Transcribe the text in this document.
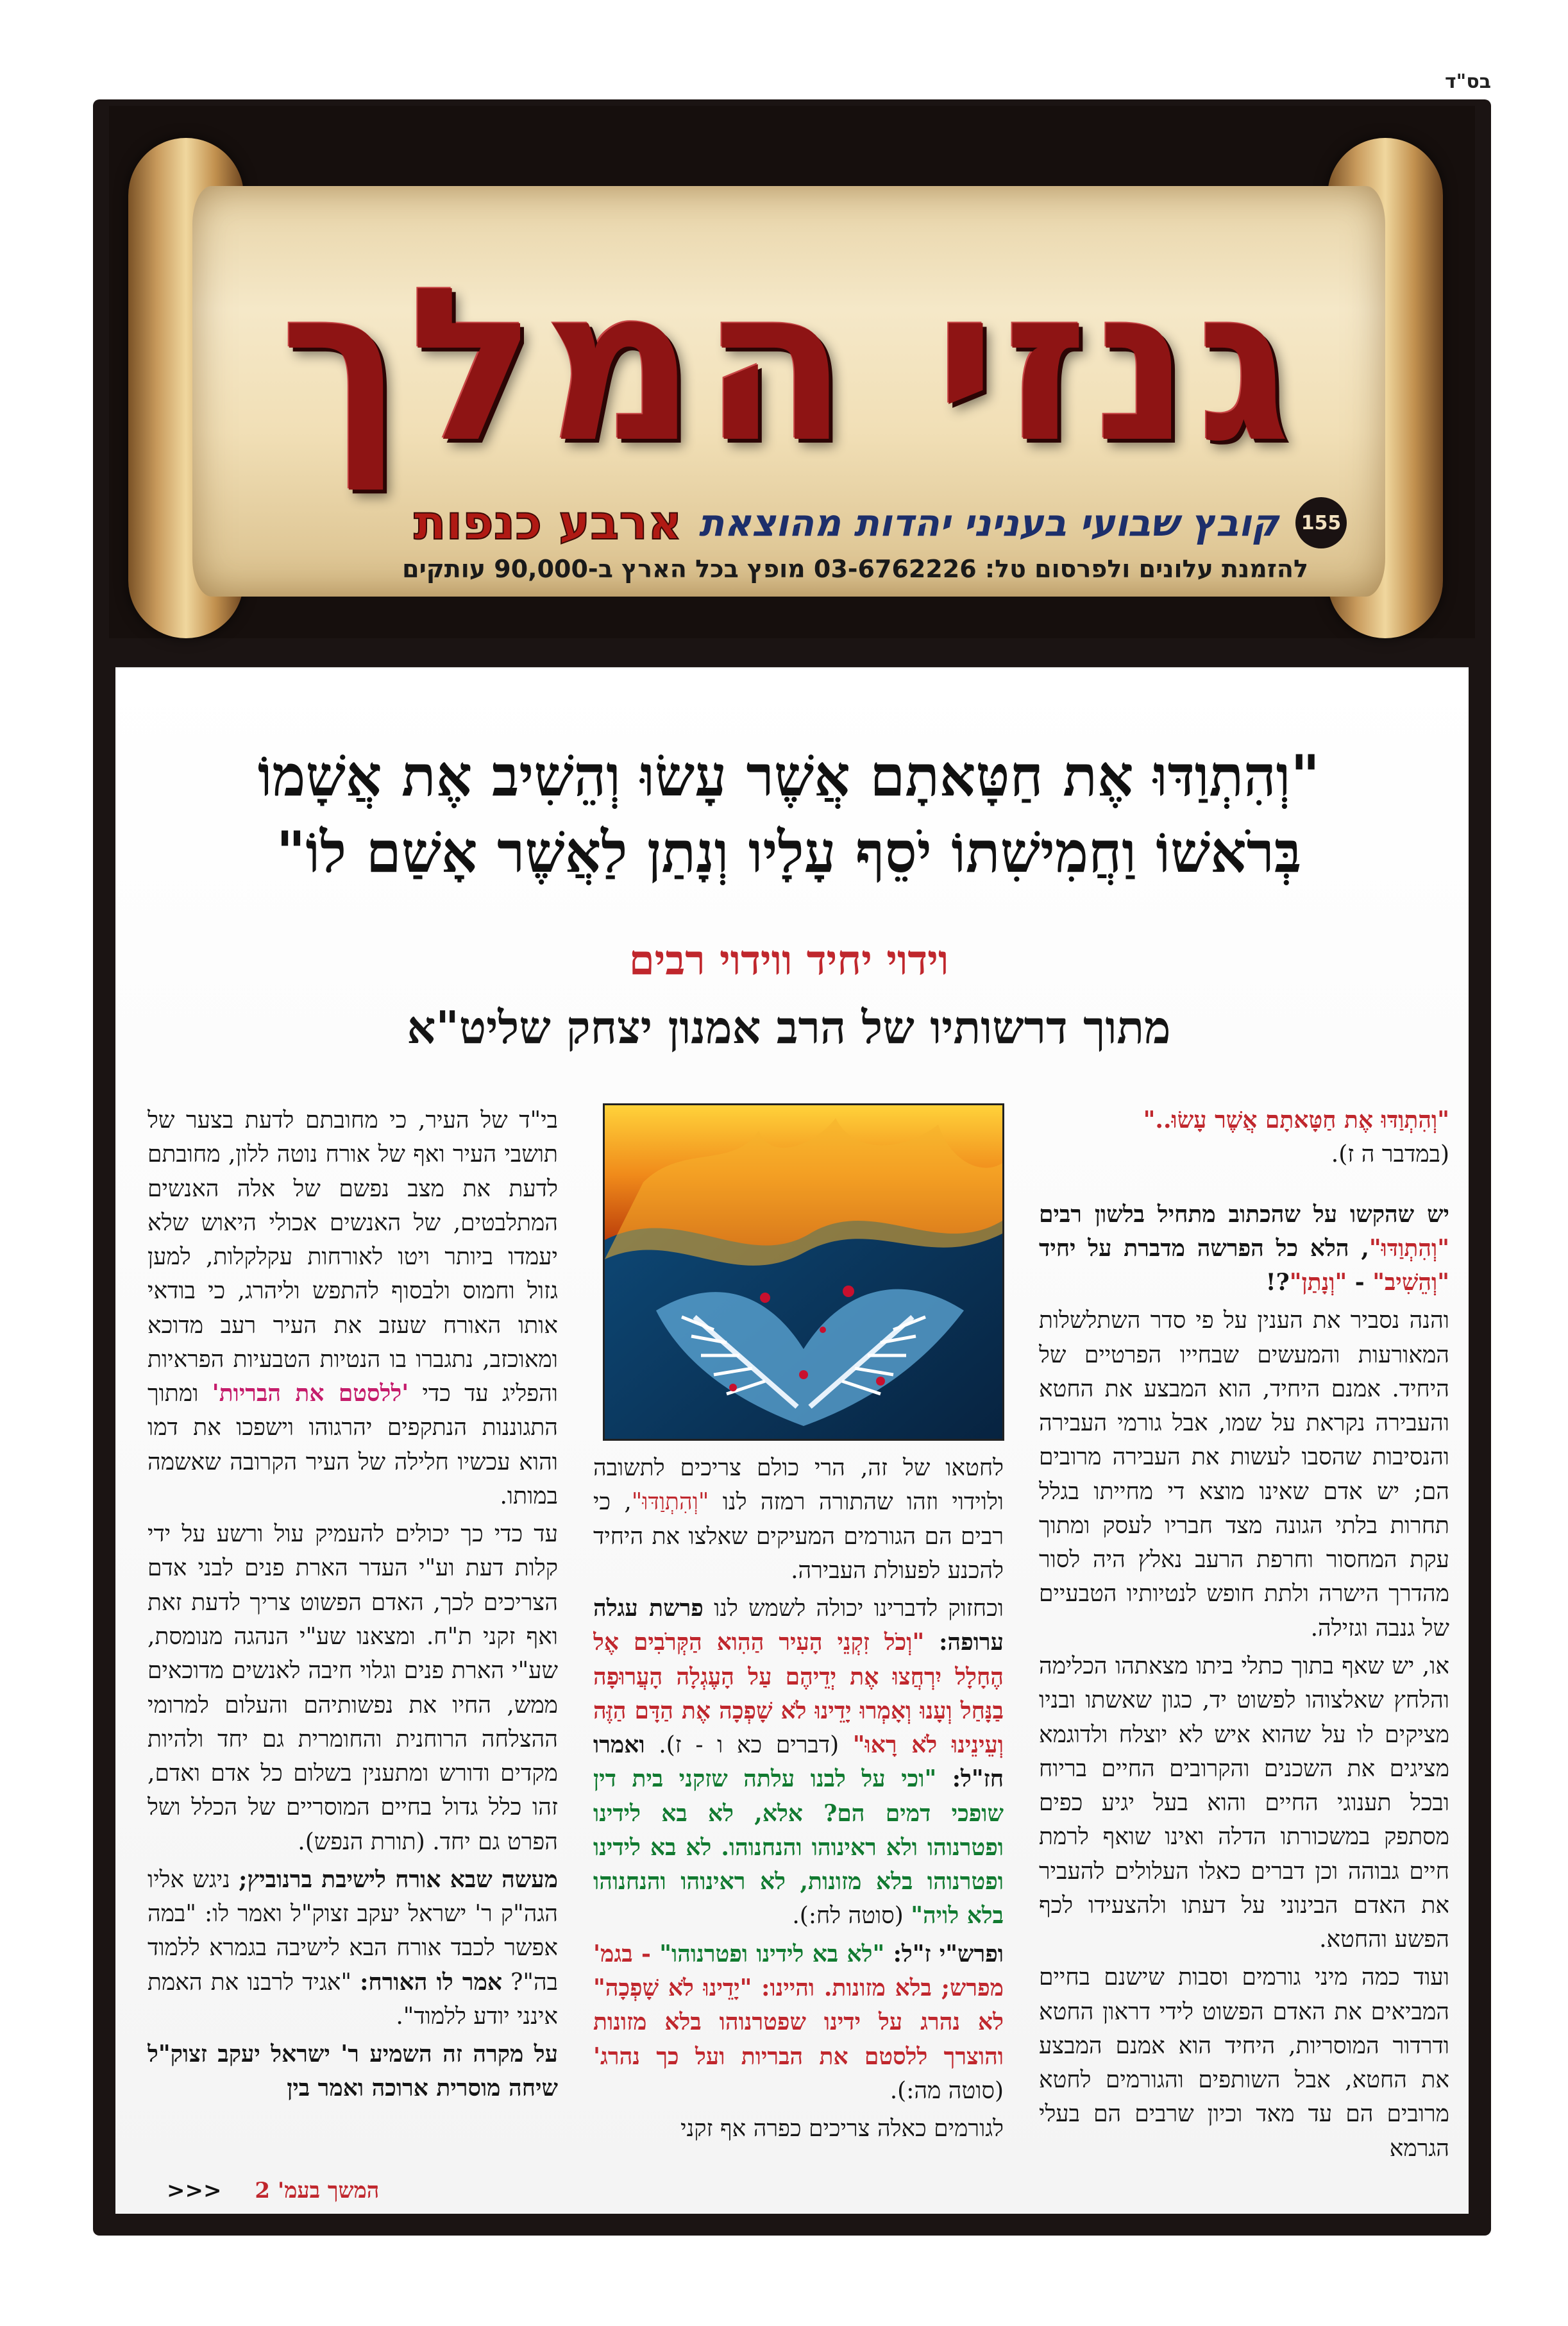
בס"ד
גנזי המלך
155
קובץ שבועי בעניני יהדות מהוצאת
ארבע כנפות
להזמנת עלונים ולפרסום טל: 03-6762226 מופץ בכל הארץ ב-90,000 עותקים
"וְהִתְוַדּוּ אֶת חַטָּאתָם אֲשֶׁר עָשׂוּ וְהֵשִׁיב אֶת אֲשָׁמוֹ
בְּרֹאשׁוֹ וַחֲמִישִׁתוֹ יֹסֵף עָלָיו וְנָתַן לַאֲשֶׁר אָשַׁם לוֹ"
וידוי יחיד ווידוי רבים
מתוך דרשותיו של הרב אמנון יצחק שליט"א

"וְהִתְוַדּוּ אֶת חַטָּאתָם אֲשֶׁר עָשׂוּ.."
(במדבר ה ז).

יש שהקשו על שהכתוב מתחיל בלשון רבים "וְהִתְוַדּוּ", הלא כל הפרשה מדברת על יחיד "וְהֵשִׁיב" - "וְנָתַן"?!

והנה נסביר את הענין על פי סדר השתלשלות המאורעות והמעשים שבחייו הפרטיים של היחיד. אמנם היחיד, הוא המבצע את החטא והעבירה נקראת על שמו, אבל גורמי העבירה והנסיבות שהסבו לעשות את העבירה מרובים הם; יש אדם שאינו מוצא די מחייתו בגלל תחרות בלתי הגונה מצד חבריו לעסק ומתוך עקת המחסור וחרפת הרעב נאלץ היה לסור מהדרך הישרה ולתת חופש לנטיותיו הטבעיים של גנבה וגזילה.

או, יש שאף בתוך כתלי ביתו מצאתהו הכלימה והלחץ שאלצוהו לפשוט יד, כגון שאשתו ובניו מציקים לו על שהוא איש לא יוצלח ולדוגמא מציגים את השכנים והקרובים החיים בריוח ובכל תענוגי החיים והוא בעל יגיע כפים מסתפק במשכורתו הדלה ואינו שואף לרמת חיים גבוהה וכן דברים כאלו העלולים להעביר את האדם הבינוני על דעתו ולהצעידו לכף הפשע והחטא.

ועוד כמה מיני גורמים וסבות שישנם בחיים המביאים את האדם הפשוט לידי דראון החטא ודרדור המוסריות, היחיד הוא אמנם המבצע את החטא, אבל השותפים והגורמים לחטא מרובים הם עד מאד וכיון שרבים הם בעלי הגרמא

לחטאו של זה, הרי כולם צריכים לתשובה ולוידוי וזהו שהתורה רמזה לנו "וְהִתְוַדּוּ", כי רבים הם הגורמים המעיקים שאלצו את היחיד להכנע לפעולת העבירה.

וכחזוק לדברינו יכולה לשמש לנו פרשת עגלה ערופה: "וְכֹל זִקְנֵי הָעִיר הַהִוא הַקְּרֹבִים אֶל הֶחָלָל יִרְחֲצוּ אֶת יְדֵיהֶם עַל הָעֶגְלָה הָעֲרוּפָה בַנָּחַל וְעָנוּ וְאָמְרוּ יָדֵינוּ לֹא שָׁפְכָה אֶת הַדָּם הַזֶּה וְעֵינֵינוּ לֹא רָאוּ" (דברים כא ו - ז). ואמרו חז"ל: "וכי על לבנו עלתה שזקני בית דין שופכי דמים הם? אלא, לא בא לידינו ופטרנוהו ולא ראינוהו והנחנוהו. לא בא לידינו ופטרנוהו בלא מזונות, לא ראינוהו והנחנוהו בלא לויה" (סוטה לח:).

ופרש"י ז"ל: "לא בא לידינו ופטרנוהו" - בגמ' מפרש; בלא מזונות. והיינו: "יָדֵינוּ לֹא שָׁפְכָה" לא נהרג על ידינו שפטרנוהו בלא מזונות והוצרך ללסטם את הבריות ועל כך נהרג' (סוטה מה:).

לגורמים כאלה צריכים כפרה אף זקני

בי"ד של העיר, כי מחובתם לדעת בצער של תושבי העיר ואף של אורח נוטה ללון, מחובתם לדעת את מצב נפשם של אלה האנשים המתלבטים, של האנשים אכולי היאוש שלא יעמדו ביותר ויטו לאורחות עקלקלות, למען גזול וחמוס ולבסוף להתפש וליהרג, כי בודאי אותו האורח שעזב את העיר רעב מדוכא ומאוכזב, נתגברו בו הנטיות הטבעיות הפראיות והפליג עד כדי 'ללסטם את הבריות' ומתוך התגוננות הנתקפים יהרגוהו וישפכו את דמו והוא עכשיו חלילה של העיר הקרובה שאשמה במותו.

עד כדי כך יכולים להעמיק עול ורשע על ידי קלות דעת וע"י העדר הארת פנים לבני אדם הצריכים לכך, האדם הפשוט צריך לדעת זאת ואף זקני ת"ח. ומצאנו שע"י הנהגה מנומסת, שע"י הארת פנים וגלוי חיבה לאנשים מדוכאים ממש, החיו את נפשותיהם והעלום למרומי ההצלחה הרוחנית והחומרית גם יחד ולהיות מקדים ודורש ומתענין בשלום כל אדם ואדם, זהו כלל גדול בחיים המוסריים של הכלל ושל הפרט גם יחד. (תורת הנפש).

מעשה שבא אורח לישיבת ברנוביץ; ניגש אליו הגה"ק ר' ישראל יעקב זצוק"ל ואמר לו: "במה אפשר לכבד אורח הבא לישיבה בגמרא ללמוד בה"? אמר לו האורח: "אגיד לרבנו את האמת אינני יודע ללמוד".

על מקרה זה השמיע ר' ישראל יעקב זצוק"ל שיחה מוסרית ארוכה ואמר בין

המשך בעמ' 2 <<<
